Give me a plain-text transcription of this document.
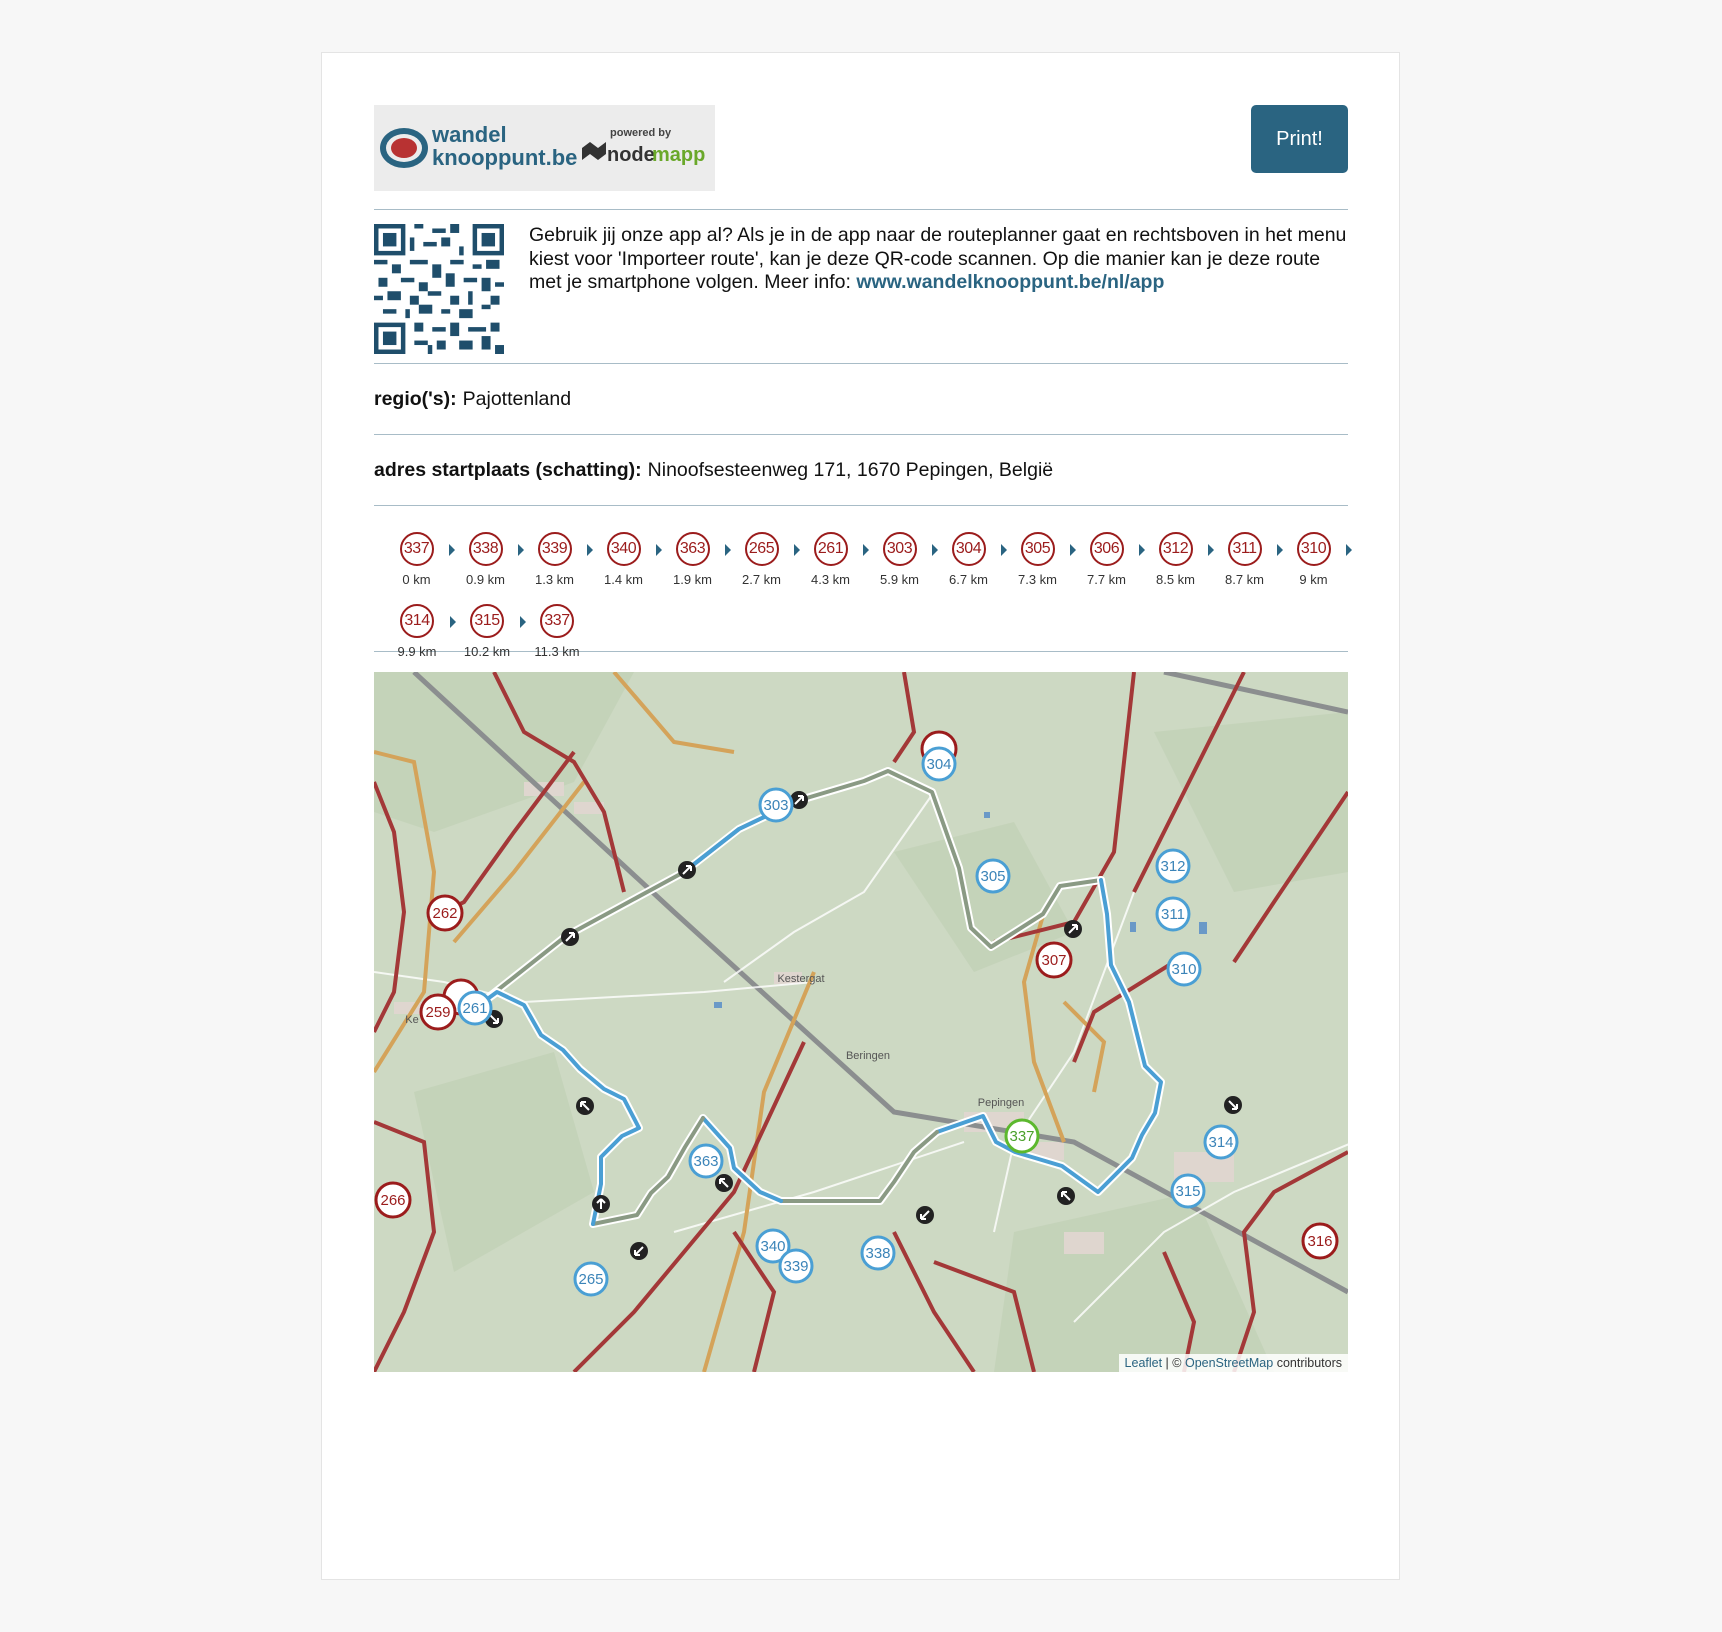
wandel
knooppunt.be
powered by
node
mapp
Print!
Gebruik jij onze app al? Als je in de app naar de routeplanner gaat en rechtsboven in het menu kiest voor 'Importeer route', kan je deze QR-code scannen. Op die manier kan je deze route met je smartphone volgen. Meer info: www.wandelknooppunt.be/nl/app
regio('s): Pajottenland
adres startplaats (schatting): Ninoofsesteenweg 171, 1670 Pepingen, België
337
0 km
338
0.9 km
339
1.3 km
340
1.4 km
363
1.9 km
265
2.7 km
261
4.3 km
303
5.9 km
304
6.7 km
305
7.3 km
306
7.7 km
312
8.5 km
311
8.7 km
310
9 km
314
9.9 km
315
10.2 km
337
11.3 km
Kestergat
Beringen
Pepingen
Ke
262
259
266
307
316
304
303
305
312
311
310
261
314
315
363
340
339
338
265
337
Leaflet | © OpenStreetMap contributors
